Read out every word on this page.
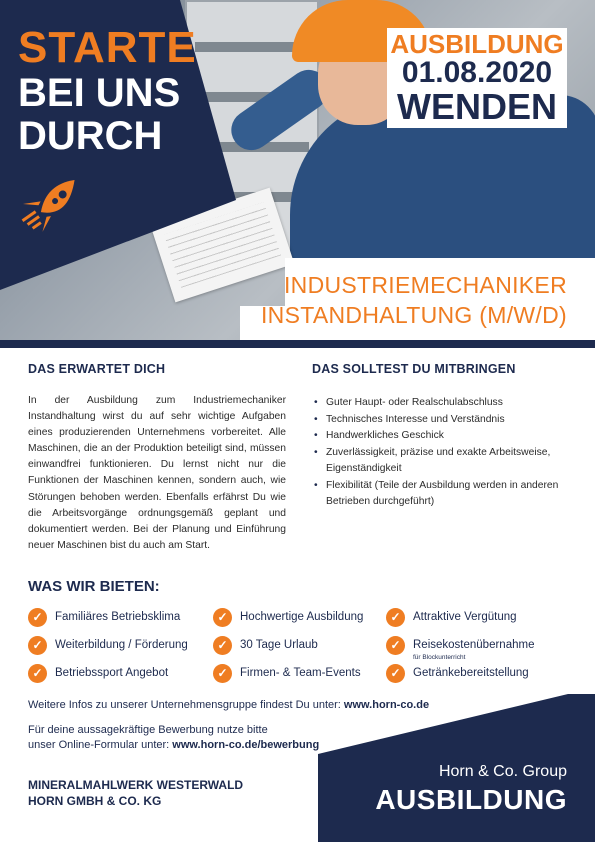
STARTE
BEI UNS
DURCH
AUSBILDUNG
01.08.2020
WENDEN
INDUSTRIEMECHANIKER
INSTANDHALTUNG (M/W/D)
DAS ERWARTET DICH

In der Ausbildung zum Industriemechaniker Instandhaltung wirst du auf sehr wichtige Aufgaben eines produzierenden Unternehmens vorbereitet. Alle Maschinen, die an der Produktion beteiligt sind, müssen einwandfrei funktionieren. Du lernst nicht nur die Funktionen der Maschinen kennen, sondern auch, wie Störungen behoben werden. Ebenfalls erfährst Du wie die Arbeitsvorgänge ordnungsgemäß geplant und dokumentiert werden. Bei der Planung und Einführung neuer Maschinen bist du auch am Start.

DAS SOLLTEST DU MITBRINGEN
• Guter Haupt- oder Realschulabschluss
• Technisches Interesse und Verständnis
• Handwerkliches Geschick
• Zuverlässigkeit, präzise und exakte Arbeitsweise, Eigenständigkeit
• Flexibilität (Teile der Ausbildung werden in anderen Betrieben durchgeführt)
WAS WIR BIETEN:
✓	Familiäres Betriebsklima	✓	Hochwertige Ausbildung	✓	Attraktive Vergütung
✓	Weiterbildung / Förderung	✓	30 Tage Urlaub	✓	Reisekostenübernahme
für Blockunterricht
✓	Betriebssport Angebot	✓	Firmen- & Team-Events	✓	Getränkebereitstellung

Weitere Infos zu unserer Unternehmensgruppe findest Du unter: www.horn-co.de

Für deine aussagekräftige Bewerbung nutze bitte

unser Online-Formular unter: www.horn-co.de/bewerbung

MINERALMAHLWERK WESTERWALD
HORN GMBH & CO. KG

Horn & Co. Group
AUSBILDUNG
